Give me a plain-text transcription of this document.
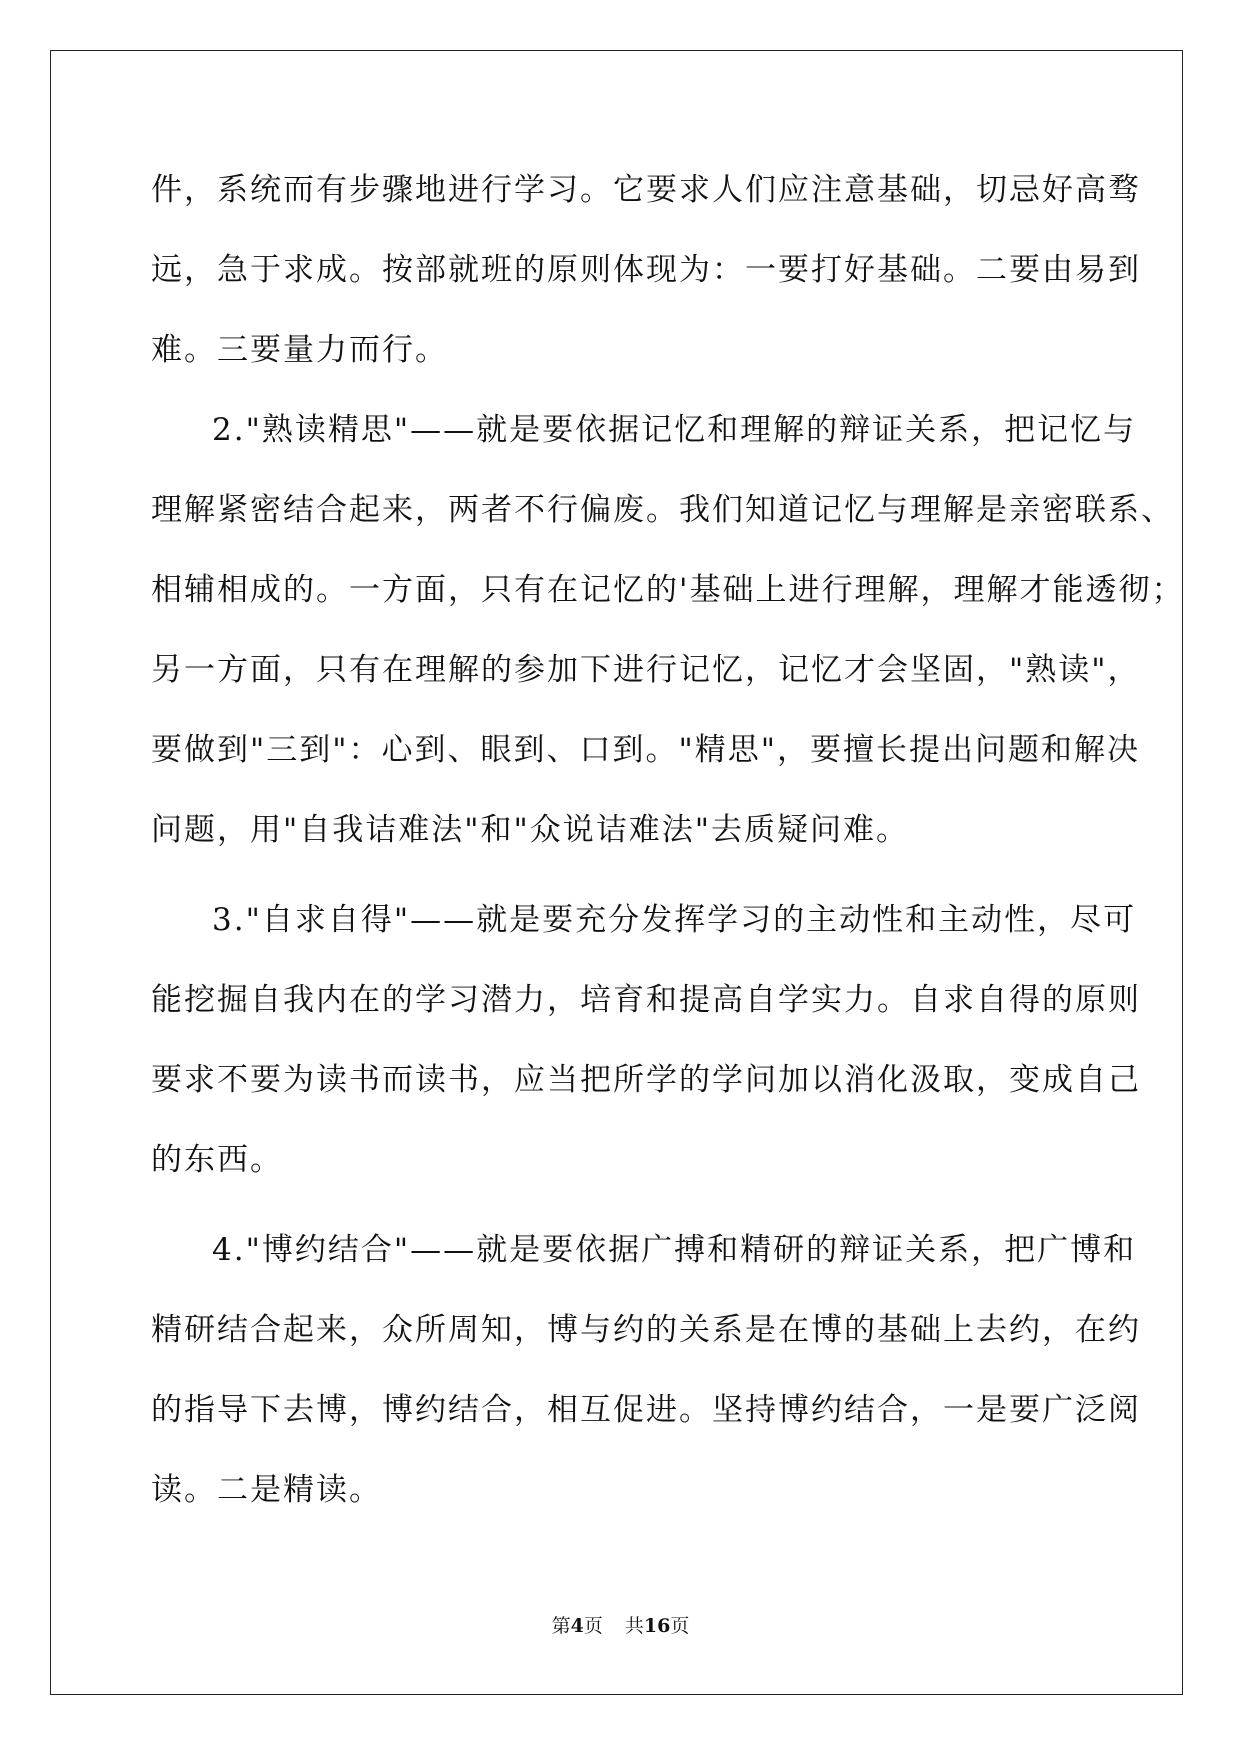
件，系统而有步骤地进行学习。它要求人们应注意基础，切忌好高骛
远，急于求成。按部就班的原则体现为：一要打好基础。二要由易到
难。三要量力而行。
2."熟读精思"——就是要依据记忆和理解的辩证关系，把记忆与
理解紧密结合起来，两者不行偏废。我们知道记忆与理解是亲密联系、
相辅相成的。一方面，只有在记忆的'基础上进行理解，理解才能透彻；
另一方面，只有在理解的参加下进行记忆，记忆才会坚固，"熟读"，
要做到"三到"：心到、眼到、口到。"精思"，要擅长提出问题和解决
问题，用"自我诘难法"和"众说诘难法"去质疑问难。
3."自求自得"——就是要充分发挥学习的主动性和主动性，尽可
能挖掘自我内在的学习潜力，培育和提高自学实力。自求自得的原则
要求不要为读书而读书，应当把所学的学问加以消化汲取，变成自己
的东西。
4."博约结合"——就是要依据广搏和精研的辩证关系，把广博和
精研结合起来，众所周知，博与约的关系是在博的基础上去约，在约
的指导下去博，博约结合，相互促进。坚持博约结合，一是要广泛阅
读。二是精读。
第4页 共16页
